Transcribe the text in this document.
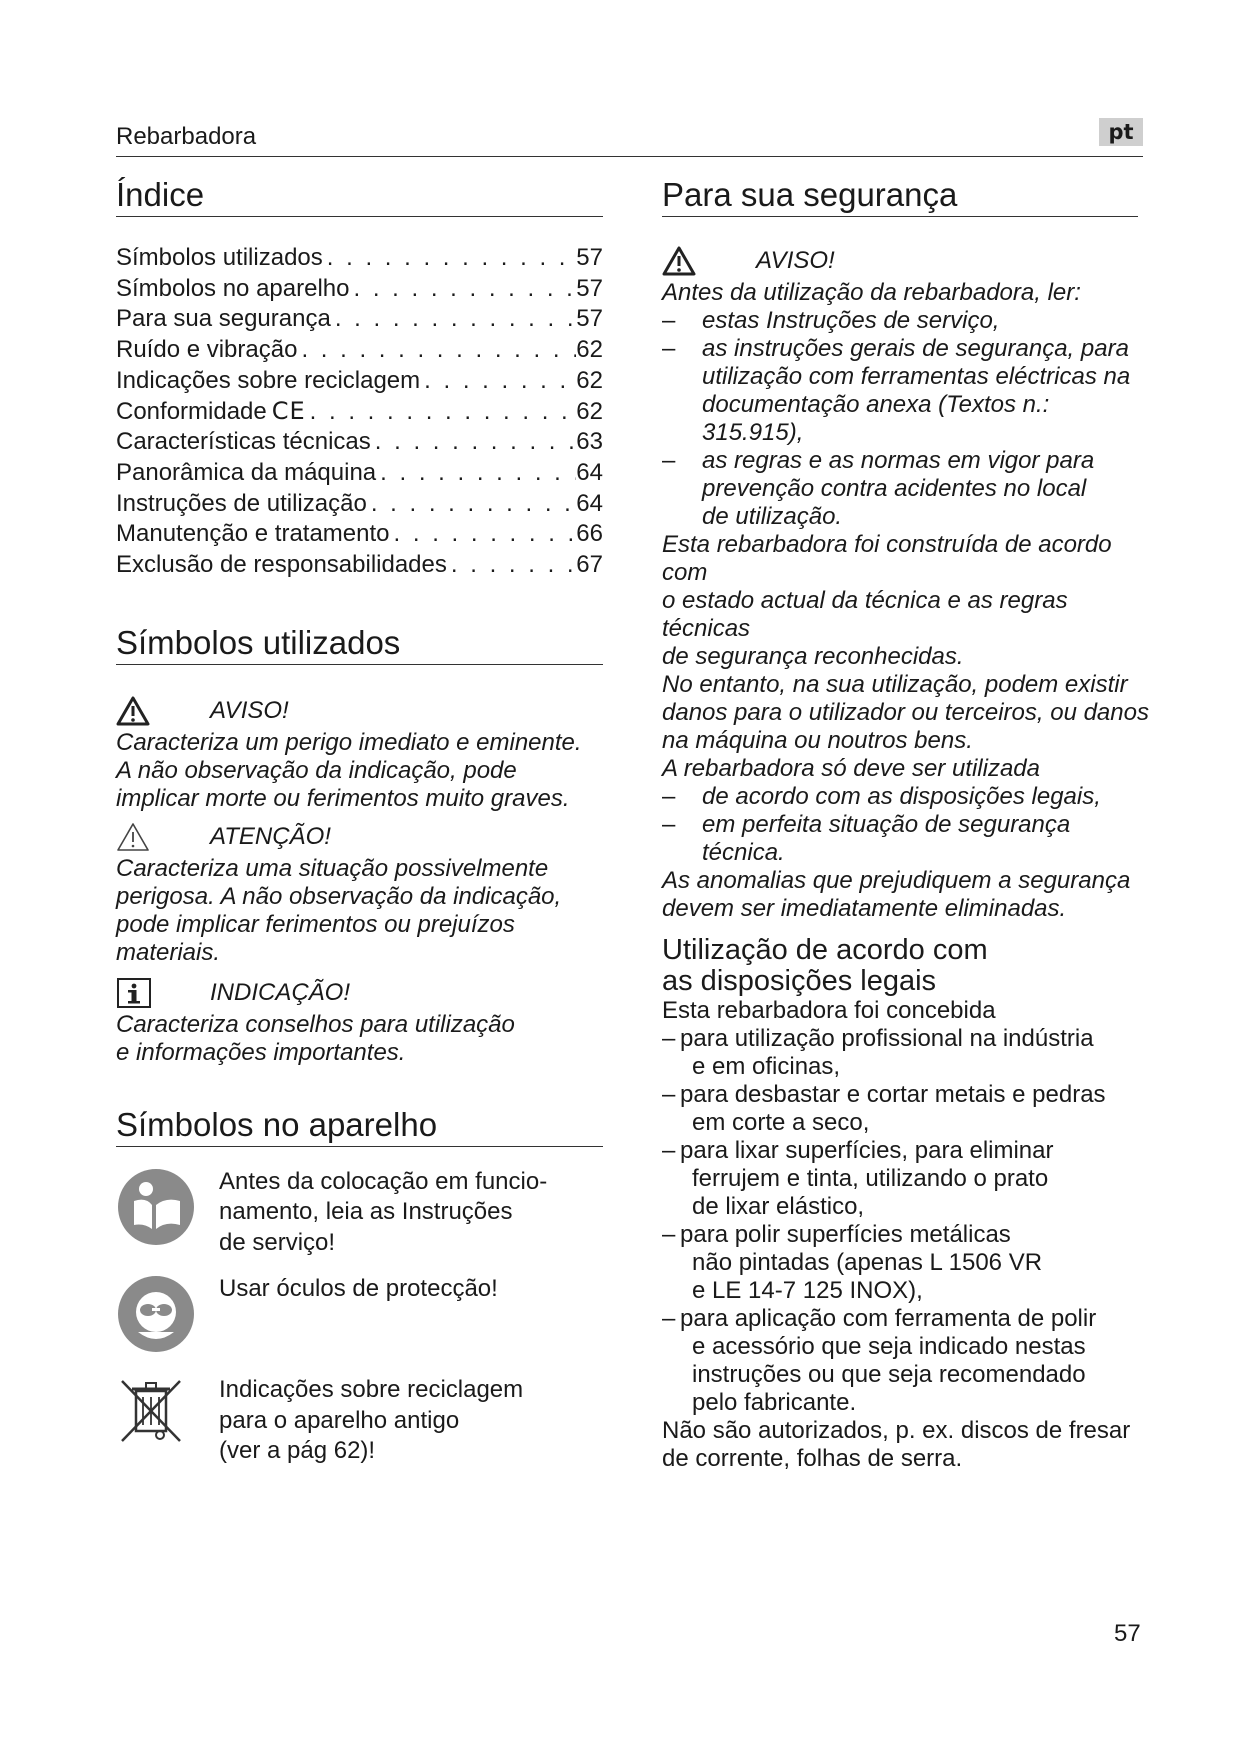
Rebarbadora	pt
Índice
Símbolos utilizados . . .	57
Símbolos no aparelho . . .	57
Para sua segurança . . .	57
Ruído e vibração . . .	62
Indicações sobre reciclagem . . .	62
Conformidade CE . . .	62
Características técnicas . . .	63
Panorâmica da máquina . . .	64
Instruções de utilização . . .	64
Manutenção e tratamento . . .	66
Exclusão de responsabilidades . . .	67
Símbolos utilizados
AVISO!
Caracteriza um perigo imediato e eminente.
A não observação da indicação, pode
implicar morte ou ferimentos muito graves.
ATENÇÃO!
Caracteriza uma situação possivelmente
perigosa. A não observação da indicação,
pode implicar ferimentos ou prejuízos
materiais.
INDICAÇÃO!
Caracteriza conselhos para utilização
e informações importantes.
Símbolos no aparelho
Antes da colocação em funcio-
namento, leia as Instruções
de serviço!
Usar óculos de protecção!
Indicações sobre reciclagem
para o aparelho antigo
(ver a pág 62)!
Para sua segurança
AVISO!
Antes da utilização da rebarbadora, ler:
–	estas Instruções de serviço,
–	as instruções gerais de segurança, para
utilização com ferramentas eléctricas na
documentação anexa (Textos n.: 315.915),
–	as regras e as normas em vigor para
prevenção contra acidentes no local
de utilização.
Esta rebarbadora foi construída de acordo com
o estado actual da técnica e as regras técnicas
de segurança reconhecidas.
No entanto, na sua utilização, podem existir
danos para o utilizador ou terceiros, ou danos
na máquina ou noutros bens.
A rebarbadora só deve ser utilizada
–	de acordo com as disposições legais,
–	em perfeita situação de segurança técnica.
As anomalias que prejudiquem a segurança
devem ser imediatamente eliminadas.
Utilização de acordo com
as disposições legais
Esta rebarbadora foi concebida
– para utilização profissional na indústria
e em oficinas,
– para desbastar e cortar metais e pedras
em corte a seco,
– para lixar superfícies, para eliminar
ferrujem e tinta, utilizando o prato
de lixar elástico,
– para polir superfícies metálicas
não pintadas (apenas L 1506 VR
e LE 14-7 125 INOX),
– para aplicação com ferramenta de polir
e acessório que seja indicado nestas
instruções ou que seja recomendado
pelo fabricante.
Não são autorizados, p. ex. discos de fresar
de corrente, folhas de serra.
57
